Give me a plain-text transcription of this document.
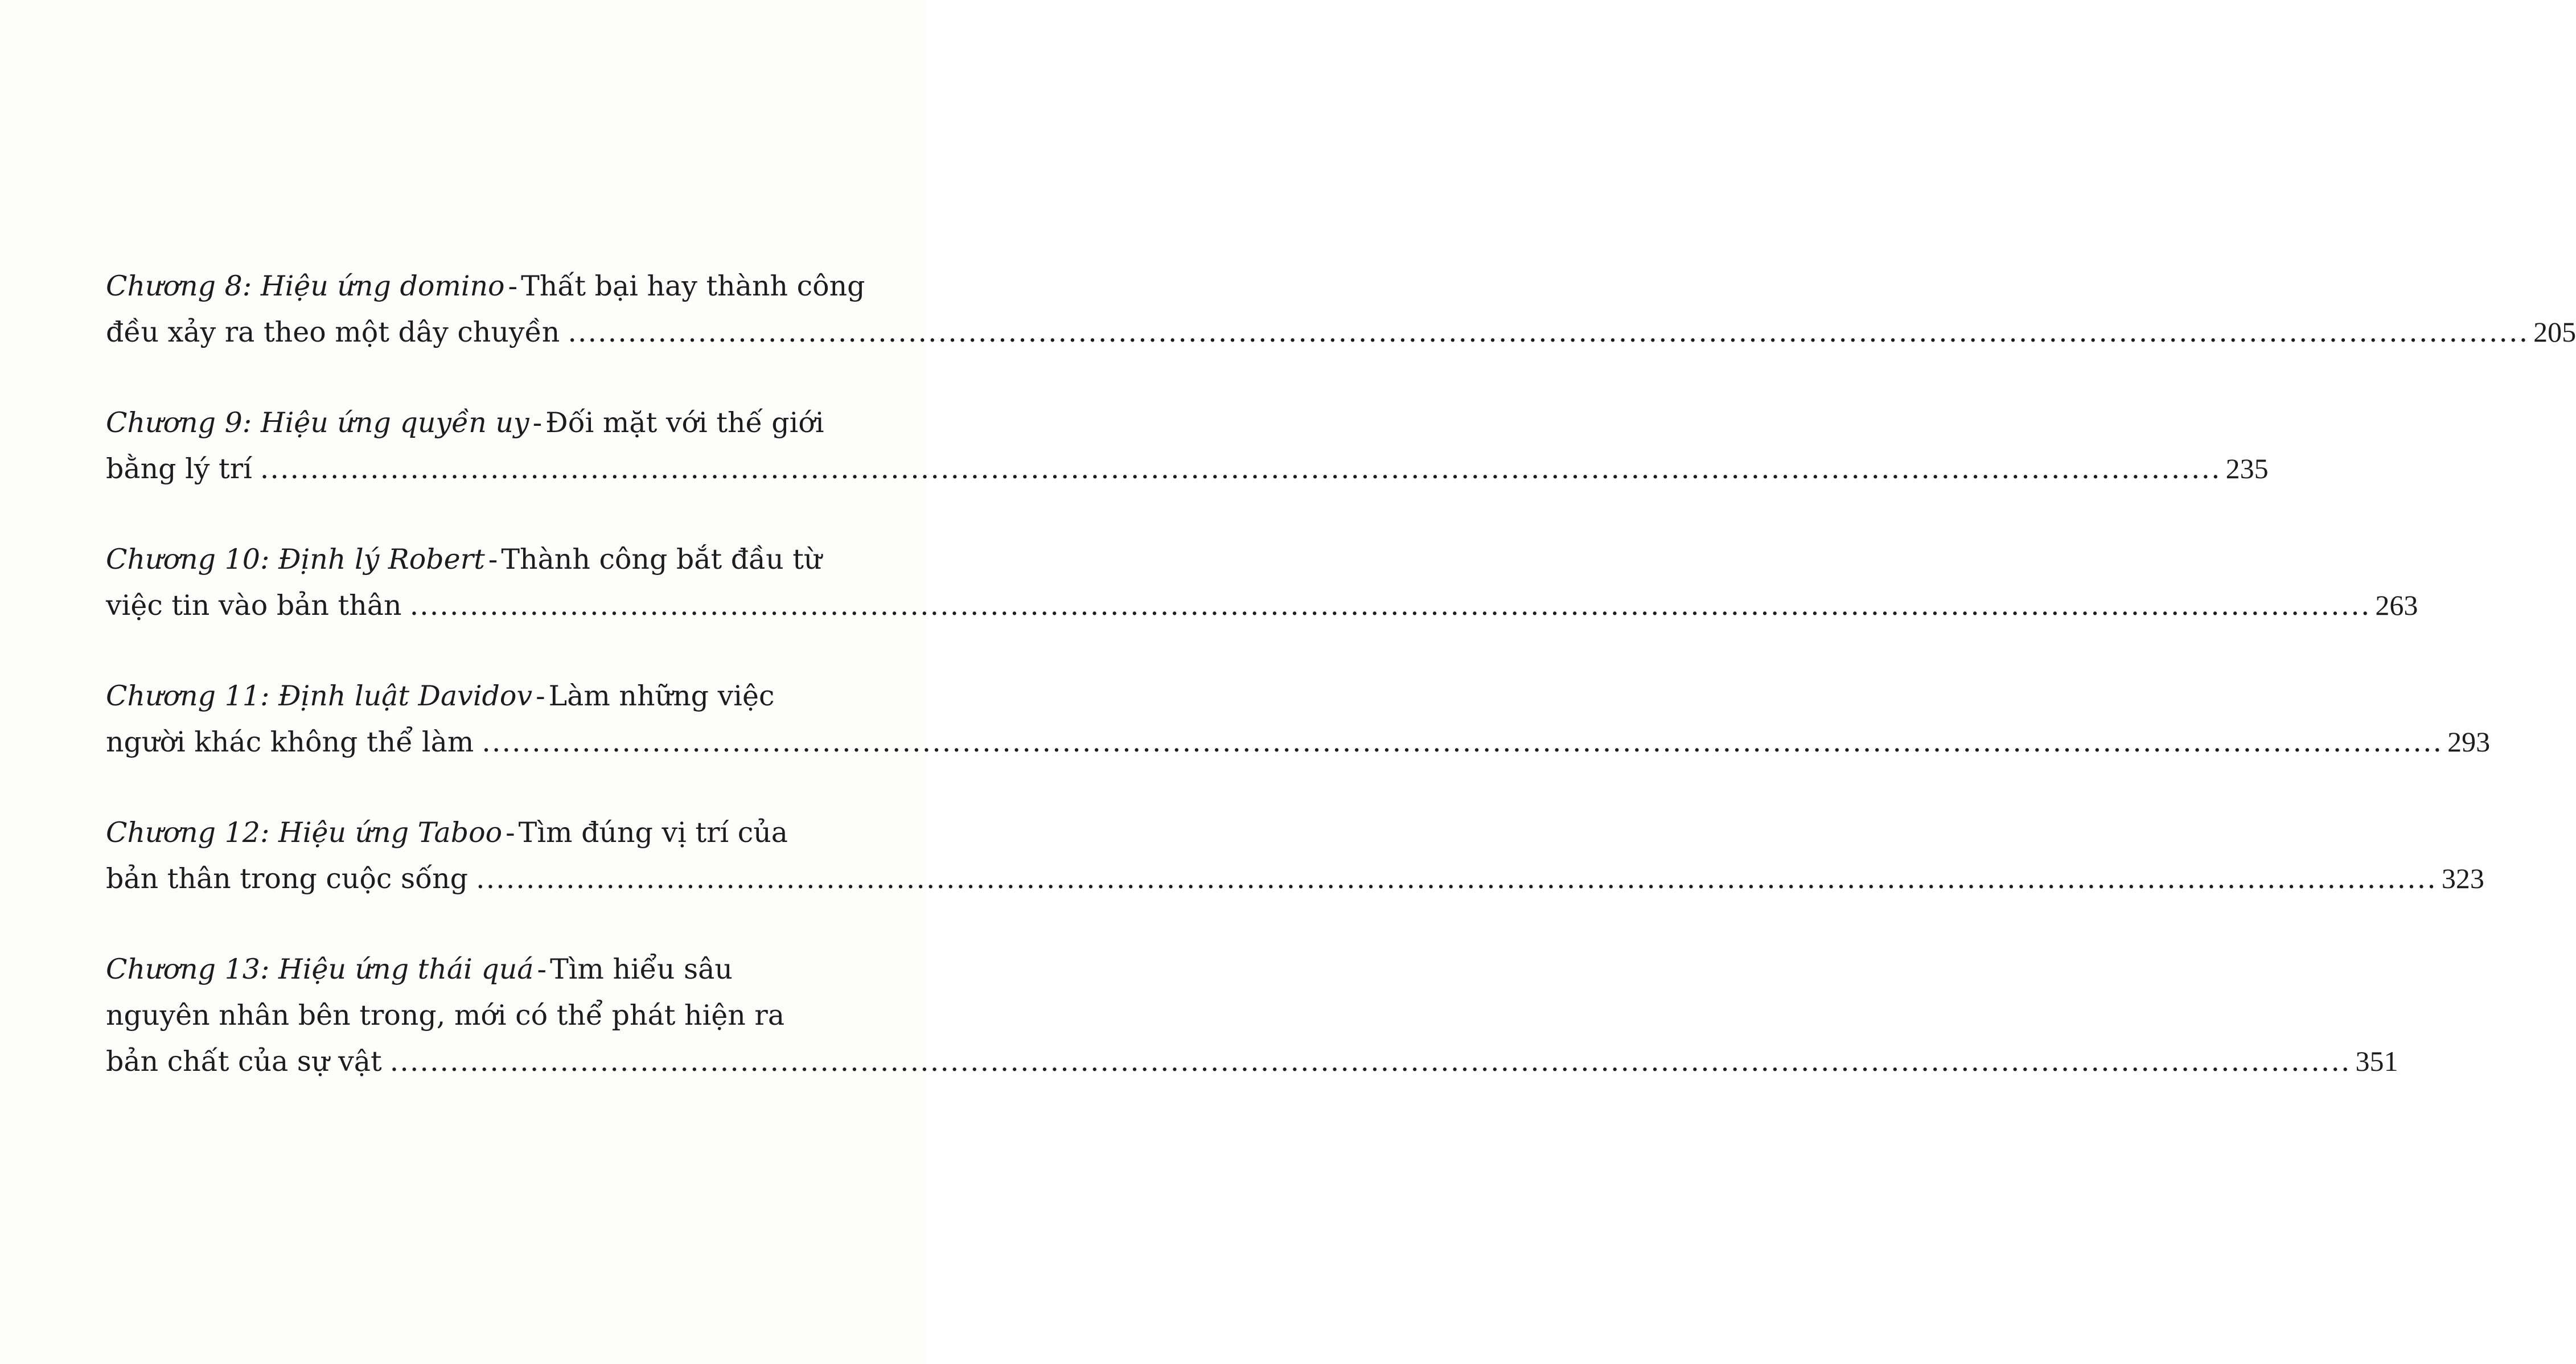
Chương 8: Hiệu ứng domino - Thất bại hay thành công
đều xảy ra theo một dây chuyền .....	205
Chương 9: Hiệu ứng quyền uy - Đối mặt với thế giới
bằng lý trí .....	235
Chương 10: Định lý Robert - Thành công bắt đầu từ
việc tin vào bản thân .....	263
Chương 11: Định luật Davidov - Làm những việc
người khác không thể làm .....	293
Chương 12: Hiệu ứng Taboo - Tìm đúng vị trí của
bản thân trong cuộc sống .....	323
Chương 13: Hiệu ứng thái quá - Tìm hiểu sâu
nguyên nhân bên trong, mới có thể phát hiện ra
bản chất của sự vật .....	351
